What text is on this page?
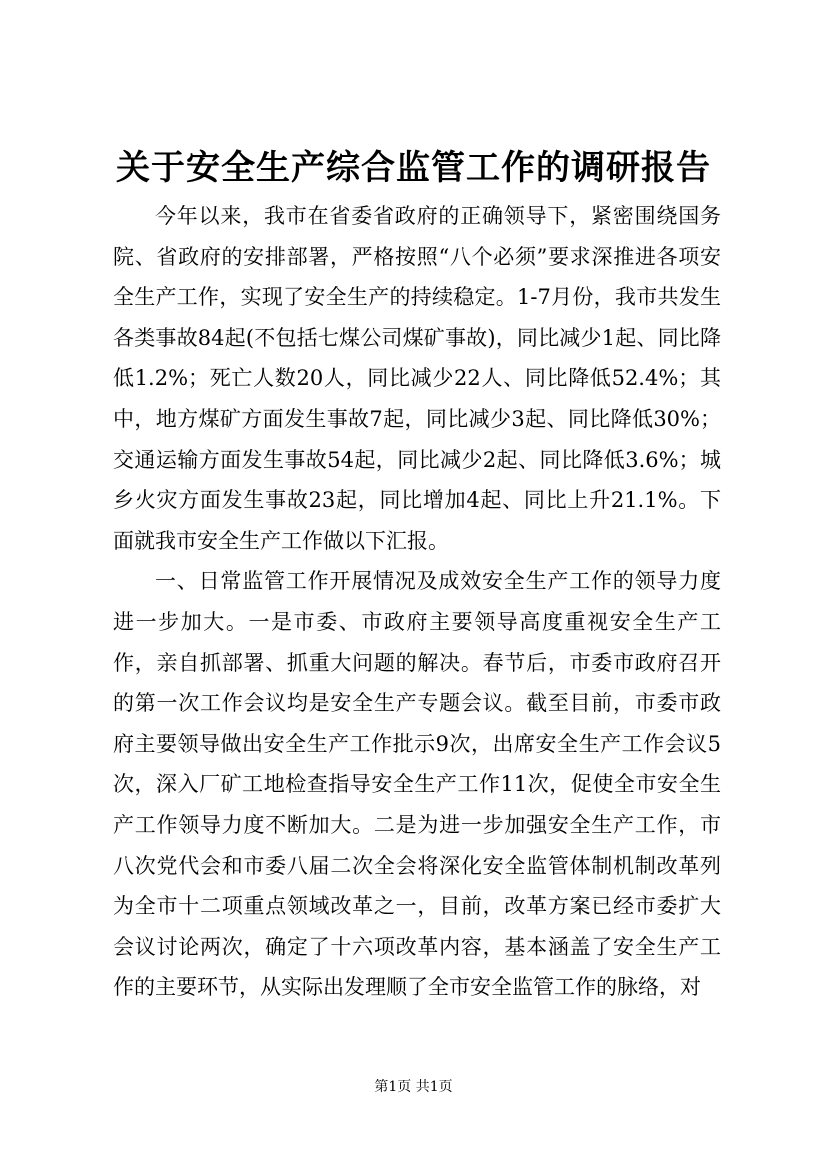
关于安全生产综合监管工作的调研报告

今年以来，我市在省委省政府的正确领导下，紧密围绕国务院、省政府的安排部署，严格按照“八个必须”要求深推进各项安全生产工作，实现了安全生产的持续稳定。1-7月份，我市共发生各类事故84起(不包括七煤公司煤矿事故)，同比减少1起、同比降低1.2%；死亡人数20人，同比减少22人、同比降低52.4%；其中，地方煤矿方面发生事故7起，同比减少3起、同比降低30%；交通运输方面发生事故54起，同比减少2起、同比降低3.6%；城乡火灾方面发生事故23起，同比增加4起、同比上升21.1%。下面就我市安全生产工作做以下汇报。

一、日常监管工作开展情况及成效安全生产工作的领导力度进一步加大。一是市委、市政府主要领导高度重视安全生产工作，亲自抓部署、抓重大问题的解决。春节后，市委市政府召开的第一次工作会议均是安全生产专题会议。截至目前，市委市政府主要领导做出安全生产工作批示9次，出席安全生产工作会议5次，深入厂矿工地检查指导安全生产工作11次，促使全市安全生产工作领导力度不断加大。二是为进一步加强安全生产工作，市八次党代会和市委八届二次全会将深化安全监管体制机制改革列为全市十二项重点领域改革之一，目前，改革方案已经市委扩大会议讨论两次，确定了十六项改革内容，基本涵盖了安全生产工作的主要环节，从实际出发理顺了全市安全监管工作的脉络，对

第1页 共1页
